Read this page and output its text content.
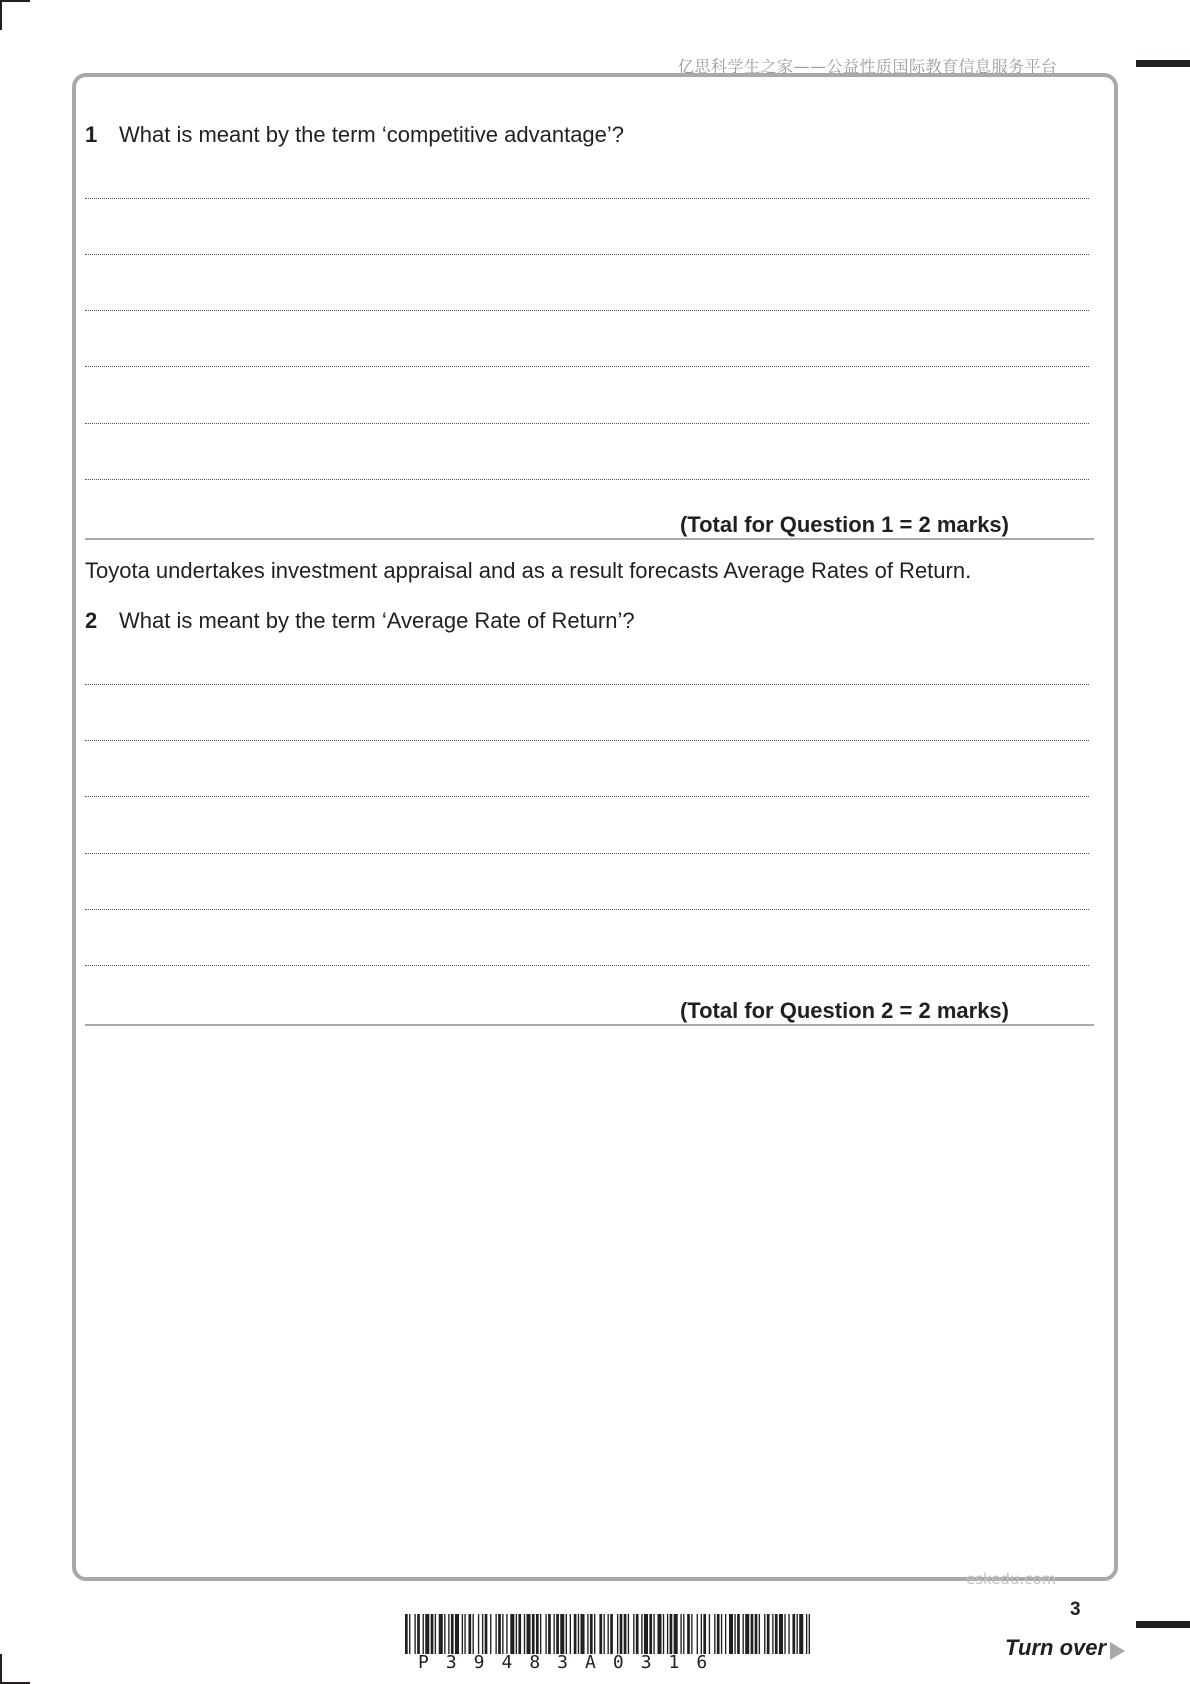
亿思科学生之家——公益性质国际教育信息服务平台
1 What is meant by the term ‘competitive advantage’?
(Total for Question 1 = 2 marks)
Toyota undertakes investment appraisal and as a result forecasts Average Rates of Return.
2 What is meant by the term ‘Average Rate of Return’?
(Total for Question 2 = 2 marks)
eskedu.com
3
P39483A0316
Turn over
